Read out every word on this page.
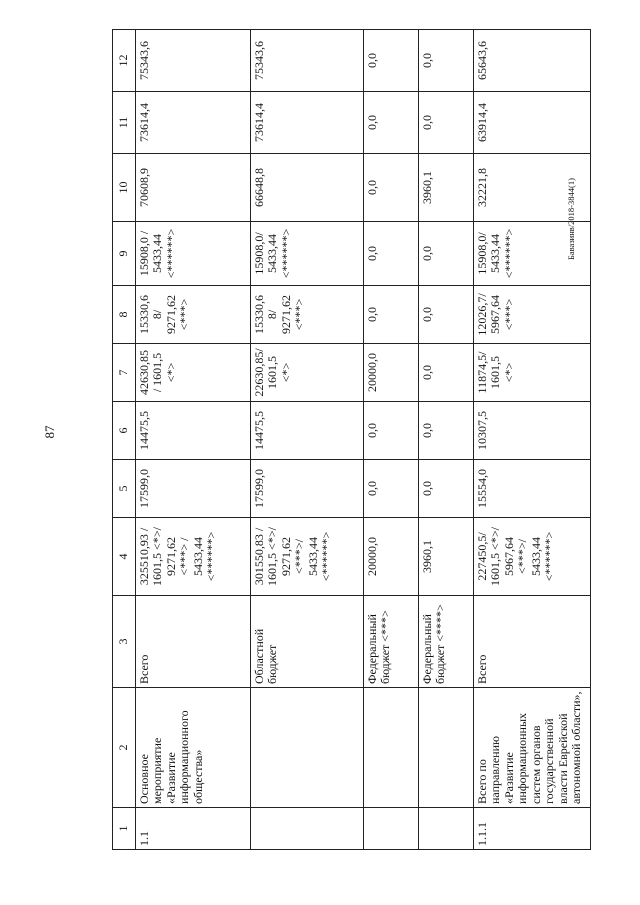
87
Бавазинв/2018-3844(1)
1	2	3	4	5	6	7	8	9	10	11	12
1.1	Основное мероприятие «Развитие информационного общества»	Всего	325510,93 / 1601,5 <*>/ 9271,62 <***> / 5433,44 <******>	17599,0	14475,5	42630,85 / 1601,5 <*>	15330,6 8/ 9271,62 <***>	15908,0 / 5433,44 <******>	70608,9	73614,4	75343,6
		Областной бюджет	301550,83 / 1601,5 <*>/ 9271,62 <***>/ 5433,44 <******>	17599,0	14475,5	22630,85/ 1601,5 <*>	15330,6 8/ 9271,62 <***>	15908,0/ 5433,44 <******>	66648,8	73614,4	75343,6
		Федеральный бюджет <***>	20000,0	0,0	0,0	20000,0	0,0	0,0	0,0	0,0	0,0
		Федеральный бюджет <****>	3960,1	0,0	0,0	0,0	0,0	0,0	3960,1	0,0	0,0
1.1.1	Всего по направлению «Развитие информационных систем органов государственной власти Еврейской автономной области»,	Всего	227450,5/ 1601,5 <*>/ 5967,64 <***>/ 5433,44 <******>	15554,0	10307,5	11874,5/ 1601,5 <*>	12026,7/ 5967,64 <***>	15908,0/ 5433,44 <******>	32221,8	63914,4	65643,6
